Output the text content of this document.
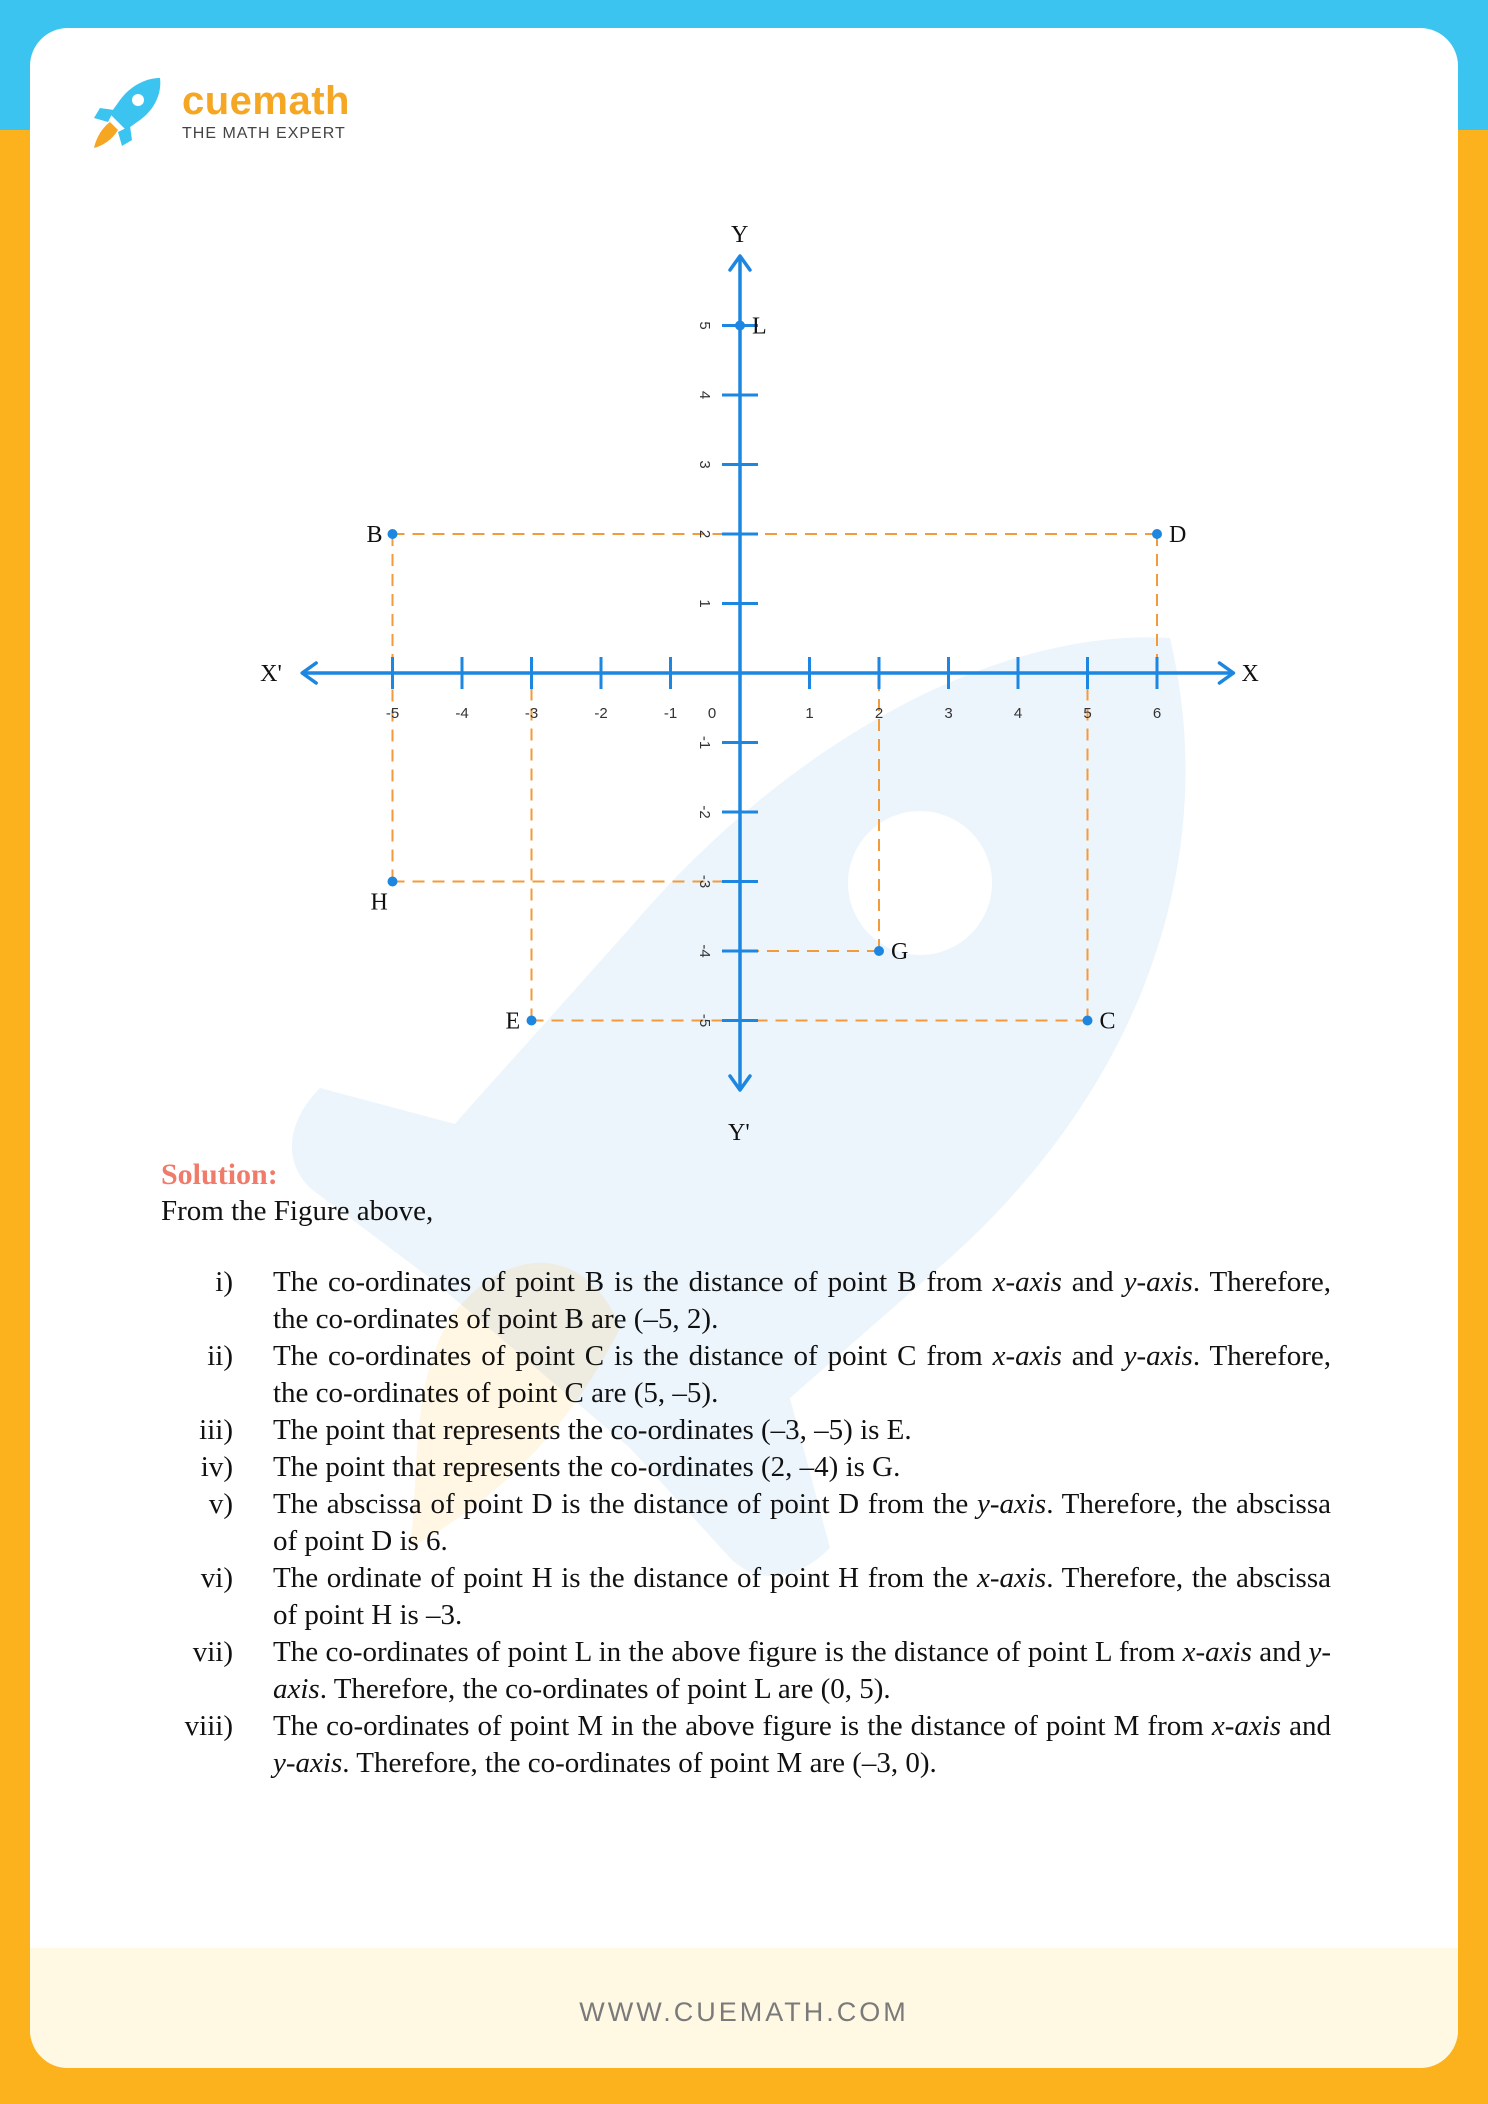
cuemath
THE MATH EXPERT
X
X'
Y
Y'
-5	-4	-3	-2	-1	1	2	3	4	5	6
-5
-4
-3
-2
-1
1
2
3
4
5
0
B	D
L
H
G
E	C
Solution:
From the Figure above,
i) The co-ordinates of point B is the distance of point B from x-axis and y-axis. Therefore, the co-ordinates of point B are (–5, 2).
ii) The co-ordinates of point C is the distance of point C from x-axis and y-axis. Therefore, the co-ordinates of point C are (5, –5).
iii) The point that represents the co-ordinates (–3, –5) is E.
iv) The point that represents the co-ordinates (2, –4) is G.
v) The abscissa of point D is the distance of point D from the y-axis. Therefore, the abscissa of point D is 6.
vi) The ordinate of point H is the distance of point H from the x-axis. Therefore, the abscissa of point H is –3.
vii) The co-ordinates of point L in the above figure is the distance of point L from x-axis and y-axis. Therefore, the co-ordinates of point L are (0, 5).
viii) The co-ordinates of point M in the above figure is the distance of point M from x-axis and y-axis. Therefore, the co-ordinates of point M are (–3, 0).
WWW.CUEMATH.COM
